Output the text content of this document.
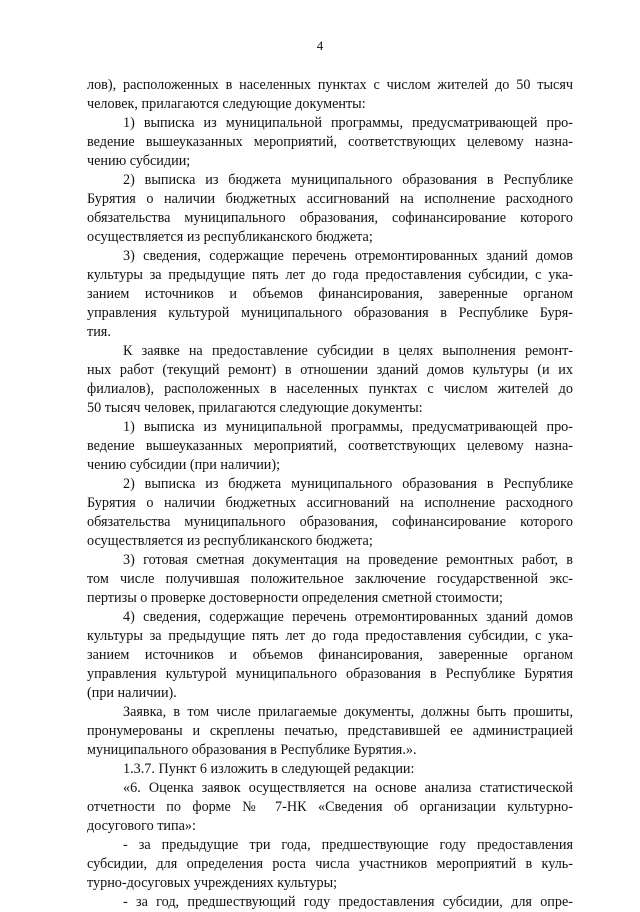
4
лов), расположенных в населенных пунктах с числом жителей до 50 тысяч
человек, прилагаются следующие документы:
1) выписка из муниципальной программы, предусматривающей про-
ведение вышеуказанных мероприятий, соответствующих целевому назна-
чению субсидии;
2) выписка из бюджета муниципального образования в Республике
Бурятия о наличии бюджетных ассигнований на исполнение расходного
обязательства муниципального образования, софинансирование которого
осуществляется из республиканского бюджета;
3) сведения, содержащие перечень отремонтированных зданий домов
культуры за предыдущие пять лет до года предоставления субсидии, с ука-
занием источников и объемов финансирования, заверенные органом
управления культурой муниципального образования в Республике Буря-
тия.
К заявке на предоставление субсидии в целях выполнения ремонт-
ных работ (текущий ремонт) в отношении зданий домов культуры (и их
филиалов), расположенных в населенных пунктах с числом жителей до
50 тысяч человек, прилагаются следующие документы:
1) выписка из муниципальной программы, предусматривающей про-
ведение вышеуказанных мероприятий, соответствующих целевому назна-
чению субсидии (при наличии);
2) выписка из бюджета муниципального образования в Республике
Бурятия о наличии бюджетных ассигнований на исполнение расходного
обязательства муниципального образования, софинансирование которого
осуществляется из республиканского бюджета;
3) готовая сметная документация на проведение ремонтных работ, в
том числе получившая положительное заключение государственной экс-
пертизы о проверке достоверности определения сметной стоимости;
4) сведения, содержащие перечень отремонтированных зданий домов
культуры за предыдущие пять лет до года предоставления субсидии, с ука-
занием источников и объемов финансирования, заверенные органом
управления культурой муниципального образования в Республике Бурятия
(при наличии).
Заявка, в том числе прилагаемые документы, должны быть прошиты,
пронумерованы и скреплены печатью, представившей ее администрацией
муниципального образования в Республике Бурятия.».
1.3.7. Пункт 6 изложить в следующей редакции:
«6. Оценка заявок осуществляется на основе анализа статистической
отчетности по форме № 7-НК «Сведения об организации культурно-
досугового типа»:
- за предыдущие три года, предшествующие году предоставления
субсидии, для определения роста числа участников мероприятий в куль-
турно-досуговых учреждениях культуры;
- за год, предшествующий году предоставления субсидии, для опре-
